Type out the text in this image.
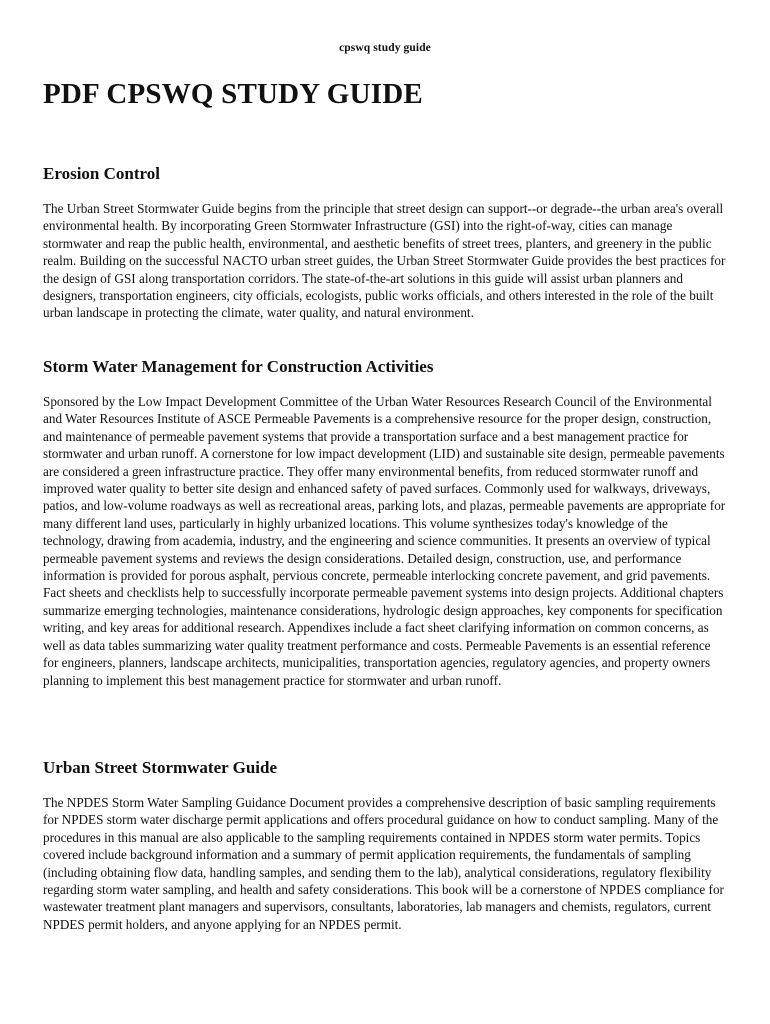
cpswq study guide
PDF CPSWQ STUDY GUIDE
Erosion Control

The Urban Street Stormwater Guide begins from the principle that street design can support--or degrade--the urban area's overall environmental health. By incorporating Green Stormwater Infrastructure (GSI) into the right-of-way, cities can manage stormwater and reap the public health, environmental, and aesthetic benefits of street trees, planters, and greenery in the public realm. Building on the successful NACTO urban street guides, the Urban Street Stormwater Guide provides the best practices for the design of GSI along transportation corridors. The state-of-the-art solutions in this guide will assist urban planners and designers, transportation engineers, city officials, ecologists, public works officials, and others interested in the role of the built urban landscape in protecting the climate, water quality, and natural environment.

Storm Water Management for Construction Activities

Sponsored by the Low Impact Development Committee of the Urban Water Resources Research Council of the Environmental and Water Resources Institute of ASCE Permeable Pavements is a comprehensive resource for the proper design, construction, and maintenance of permeable pavement systems that provide a transportation surface and a best management practice for stormwater and urban runoff. A cornerstone for low impact development (LID) and sustainable site design, permeable pavements are considered a green infrastructure practice. They offer many environmental benefits, from reduced stormwater runoff and improved water quality to better site design and enhanced safety of paved surfaces. Commonly used for walkways, driveways, patios, and low-volume roadways as well as recreational areas, parking lots, and plazas, permeable pavements are appropriate for many different land uses, particularly in highly urbanized locations. This volume synthesizes today's knowledge of the technology, drawing from academia, industry, and the engineering and science communities. It presents an overview of typical permeable pavement systems and reviews the design considerations. Detailed design, construction, use, and performance information is provided for porous asphalt, pervious concrete, permeable interlocking concrete pavement, and grid pavements. Fact sheets and checklists help to successfully incorporate permeable pavement systems into design projects. Additional chapters summarize emerging technologies, maintenance considerations, hydrologic design approaches, key components for specification writing, and key areas for additional research. Appendixes include a fact sheet clarifying information on common concerns, as well as data tables summarizing water quality treatment performance and costs. Permeable Pavements is an essential reference for engineers, planners, landscape architects, municipalities, transportation agencies, regulatory agencies, and property owners planning to implement this best management practice for stormwater and urban runoff.

Urban Street Stormwater Guide

The NPDES Storm Water Sampling Guidance Document provides a comprehensive description of basic sampling requirements for NPDES storm water discharge permit applications and offers procedural guidance on how to conduct sampling. Many of the procedures in this manual are also applicable to the sampling requirements contained in NPDES storm water permits. Topics covered include background information and a summary of permit application requirements, the fundamentals of sampling (including obtaining flow data, handling samples, and sending them to the lab), analytical considerations, regulatory flexibility regarding storm water sampling, and health and safety considerations. This book will be a cornerstone of NPDES compliance for wastewater treatment plant managers and supervisors, consultants, laboratories, lab managers and chemists, regulators, current NPDES permit holders, and anyone applying for an NPDES permit.
